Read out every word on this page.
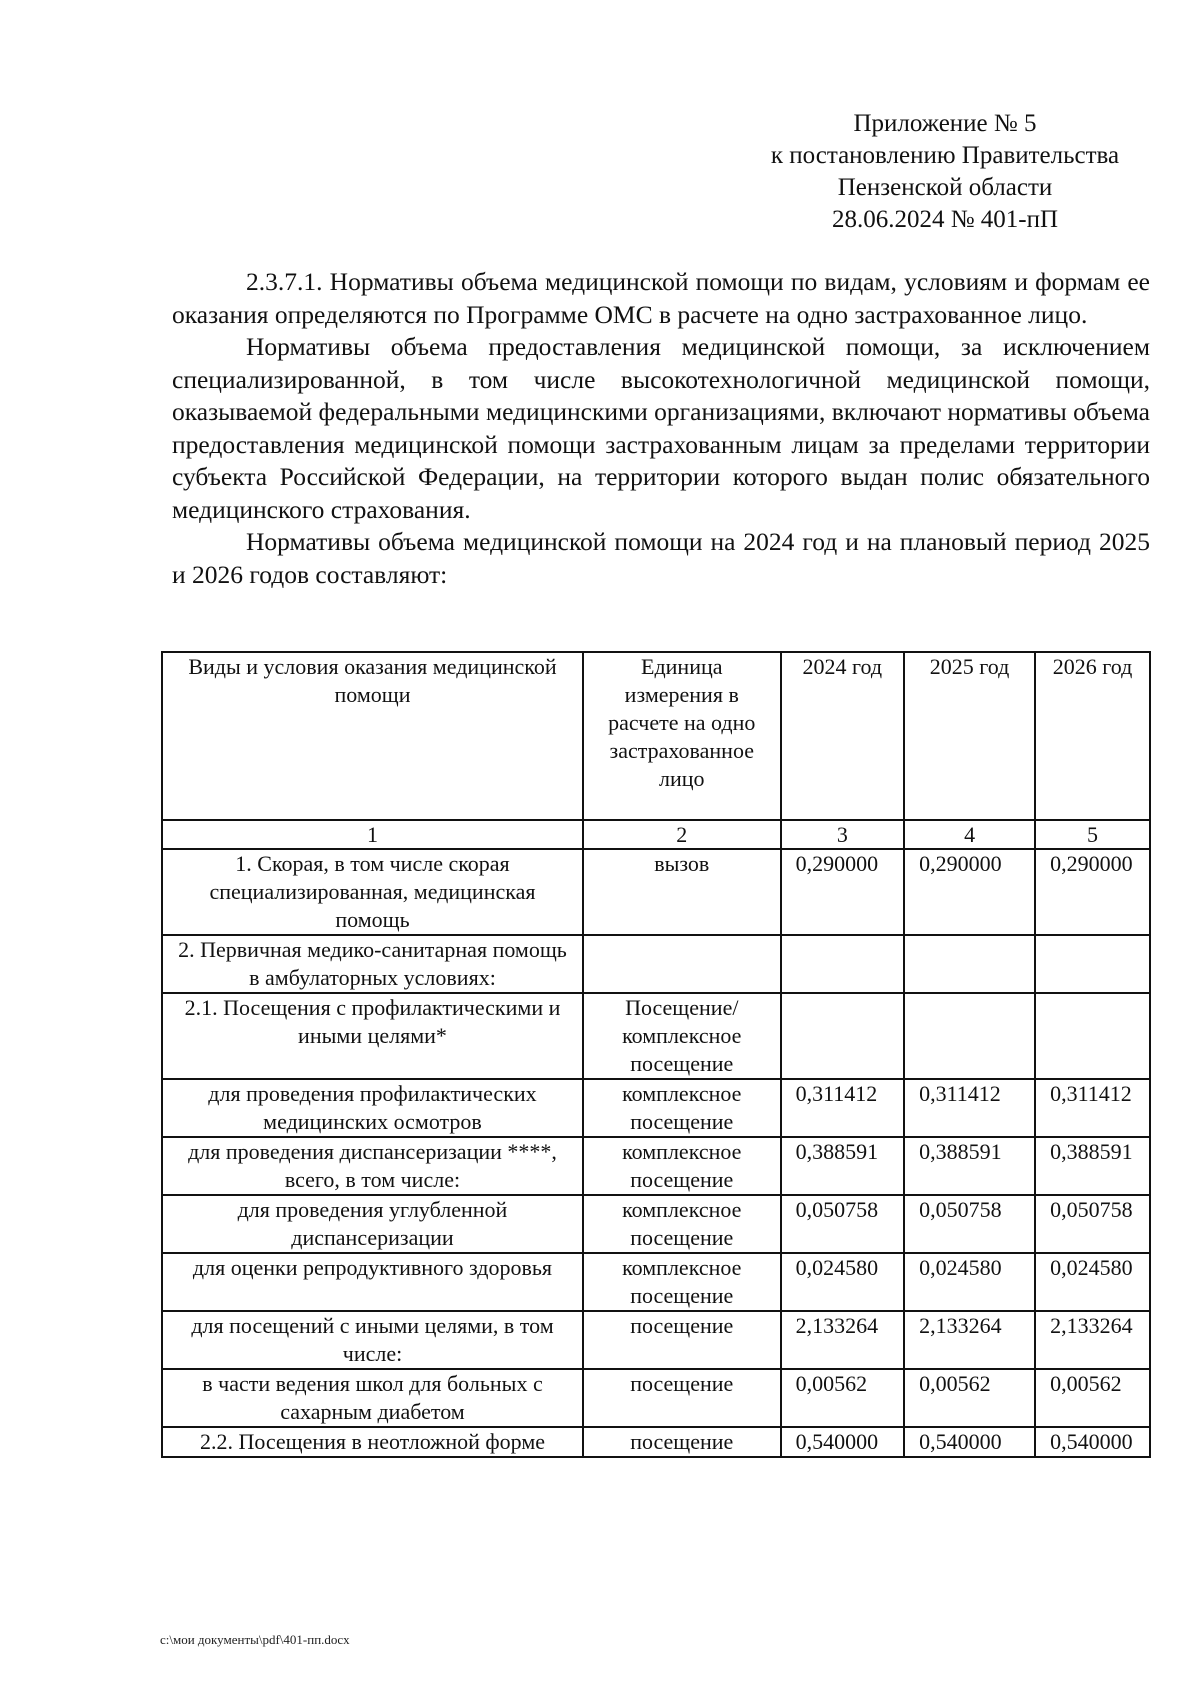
Приложение № 5
к постановлению Правительства
Пензенской области
28.06.2024 № 401-пП

2.3.7.1. Нормативы объема медицинской помощи по видам, условиям и формам ее оказания определяются по Программе ОМС в расчете на одно застрахованное лицо.

Нормативы объема предоставления медицинской помощи, за исключением специализированной, в том числе высокотехнологичной медицинской помощи, оказываемой федеральными медицинскими организациями, включают нормативы объема предоставления медицинской помощи застрахованным лицам за пределами территории субъекта Российской Федерации, на территории которого выдан полис обязательного медицинского страхования.

Нормативы объема медицинской помощи на 2024 год и на плановый период 2025 и 2026 годов составляют:

Виды и условия оказания медицинской помощи	Единица измерения в расчете на одно застрахованное лицо	2024 год	2025 год	2026 год
1	2	3	4	5
1. Скорая, в том числе скорая специализированная, медицинская помощь	вызов	0,290000	0,290000	0,290000
2. Первичная медико-санитарная помощь в амбулаторных условиях:				
2.1. Посещения с профилактическими и иными целями*	Посещение/ комплексное посещение			
для проведения профилактических медицинских осмотров	комплексное посещение	0,311412	0,311412	0,311412
для проведения диспансеризации ****, всего, в том числе:	комплексное посещение	0,388591	0,388591	0,388591
для проведения углубленной диспансеризации	комплексное посещение	0,050758	0,050758	0,050758
для оценки репродуктивного здоровья	комплексное посещение	0,024580	0,024580	0,024580
для посещений с иными целями, в том числе:	посещение	2,133264	2,133264	2,133264
в части ведения школ для больных с сахарным диабетом	посещение	0,00562	0,00562	0,00562
2.2. Посещения в неотложной форме	посещение	0,540000	0,540000	0,540000
c:\мои документы\pdf\401-пп.docx
